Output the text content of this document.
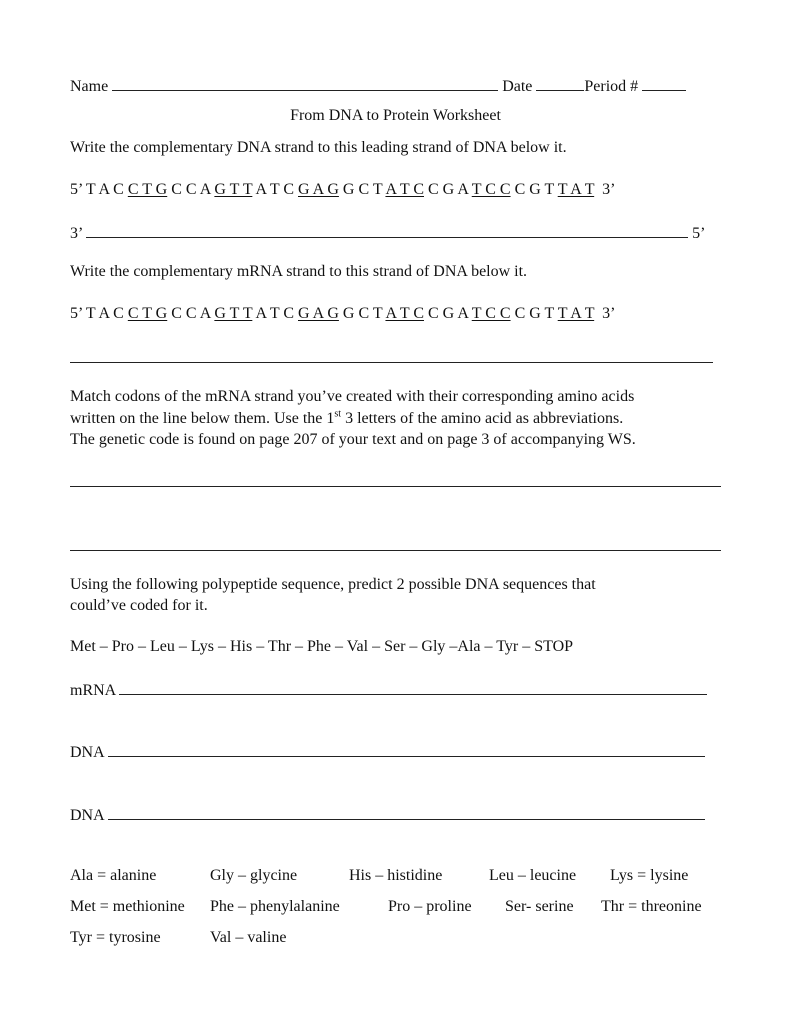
Name	Date	Period #
From DNA to Protein Worksheet
Write the complementary DNA strand to this leading strand of DNA below it.
5’ T A C C T G C C A G T T A T C G A G G C T A T C C G A T C C C G T T A T 3’
3’	5’
Write the complementary mRNA strand to this strand of DNA below it.
5’ T A C C T G C C A G T T A T C G A G G C T A T C C G A T C C C G T T A T 3’
Match codons of the mRNA strand you’ve created with their corresponding amino acids
written on the line below them. Use the 1st 3 letters of the amino acid as abbreviations.
The genetic code is found on page 207 of your text and on page 3 of accompanying WS.
Using the following polypeptide sequence, predict 2 possible DNA sequences that
could’ve coded for it.
Met – Pro – Leu – Lys – His – Thr – Phe – Val – Ser – Gly –Ala – Tyr – STOP
mRNA
DNA
DNA
Ala = alanine	Gly – glycine	His – histidine	Leu – leucine Lys = lysine
Met = methionine Phe – phenylalanine	Pro – proline Ser- serine Thr = threonine
Tyr = tyrosine	Val – valine
